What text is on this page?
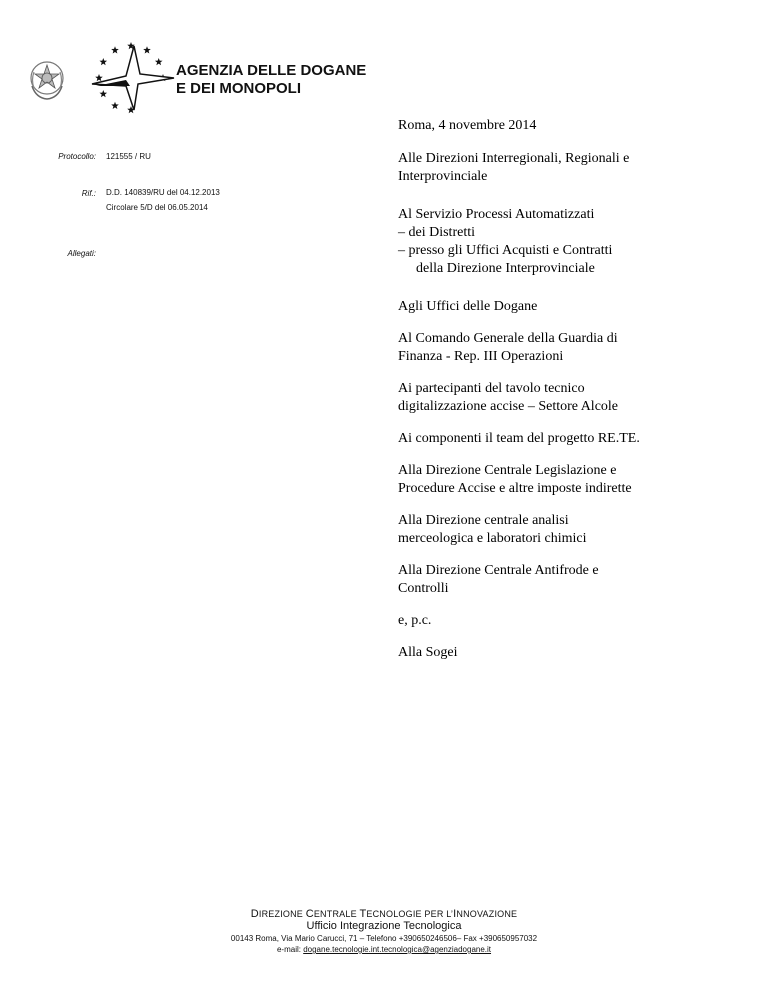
AGENZIA DELLE DOGANE
E DEI MONOPOLI
Roma, 4 novembre 2014
Protocollo: 121555 / RU
Rif.: D.D. 140839/RU del 04.12.2013
Circolare 5/D del 06.05.2014
Allegati:
Alle Direzioni Interregionali, Regionali e
Interprovinciale
Al Servizio Processi Automatizzati
– dei Distretti
– presso gli Uffici Acquisti e Contratti
della Direzione Interprovinciale
Agli Uffici delle Dogane
Al Comando Generale della Guardia di
Finanza - Rep. III Operazioni
Ai partecipanti del tavolo tecnico
digitalizzazione accise – Settore Alcole
Ai componenti il team del progetto RE.TE.
Alla Direzione Centrale Legislazione e
Procedure Accise e altre imposte indirette
Alla Direzione centrale analisi
merceologica e laboratori chimici
Alla Direzione Centrale Antifrode e
Controlli
e, p.c.
Alla Sogei
DIREZIONE CENTRALE TECNOLOGIE PER L’INNOVAZIONE
Ufficio Integrazione Tecnologica
00143 Roma, Via Mario Carucci, 71 – Telefono +390650246506– Fax +390650957032
e-mail: dogane.tecnologie.int.tecnologica@agenziadogane.it
